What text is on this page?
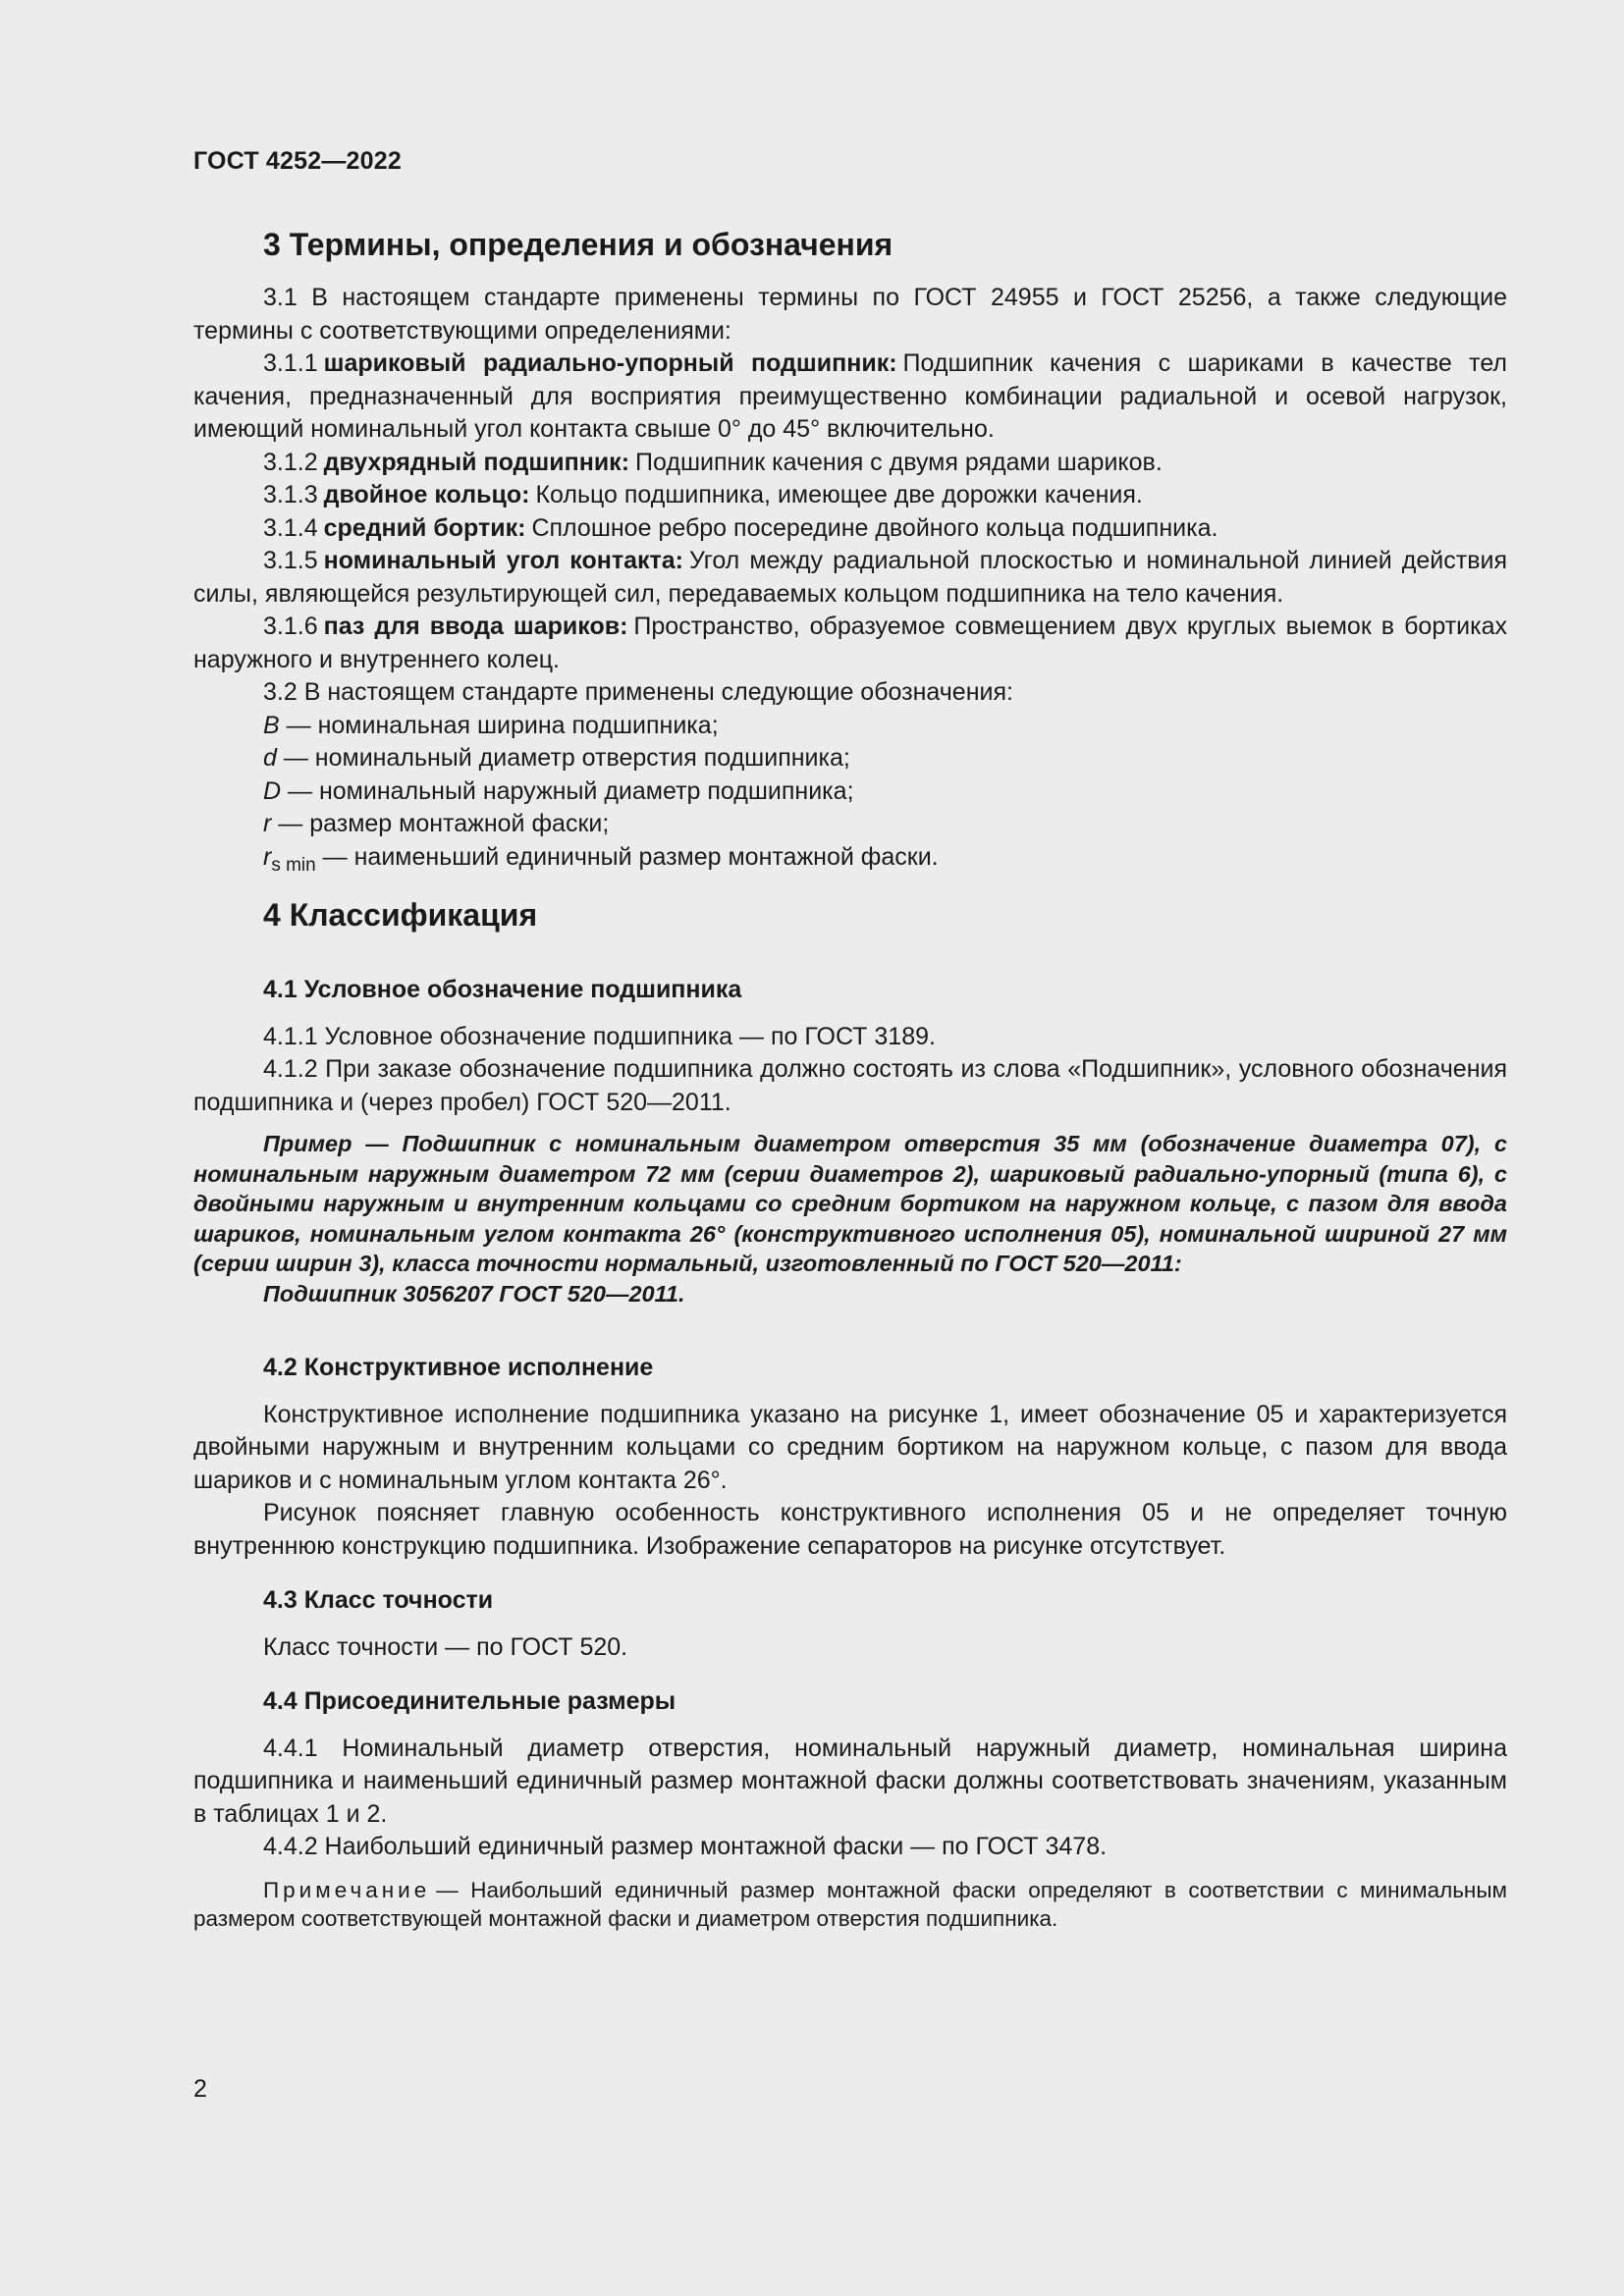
ГОСТ 4252—2022
3 Термины, определения и обозначения

3.1 В настоящем стандарте применены термины по ГОСТ 24955 и ГОСТ 25256, а также следующие термины с соответствующими определениями:

3.1.1 шариковый радиально-упорный подшипник: Подшипник качения с шариками в качестве тел качения, предназначенный для восприятия преимущественно комбинации радиальной и осевой нагрузок, имеющий номинальный угол контакта свыше 0° до 45° включительно.

3.1.2 двухрядный подшипник: Подшипник качения с двумя рядами шариков.

3.1.3 двойное кольцо: Кольцо подшипника, имеющее две дорожки качения.

3.1.4 средний бортик: Сплошное ребро посередине двойного кольца подшипника.

3.1.5 номинальный угол контакта: Угол между радиальной плоскостью и номинальной линией действия силы, являющейся результирующей сил, передаваемых кольцом подшипника на тело качения.

3.1.6 паз для ввода шариков: Пространство, образуемое совмещением двух круглых выемок в бортиках наружного и внутреннего колец.

3.2 В настоящем стандарте применены следующие обозначения:

B — номинальная ширина подшипника;

d — номинальный диаметр отверстия подшипника;

D — номинальный наружный диаметр подшипника;

r — размер монтажной фаски;

$r_{s min}$ — наименьший единичный размер монтажной фаски.

4 Классификация

4.1 Условное обозначение подшипника

4.1.1 Условное обозначение подшипника — по ГОСТ 3189.

4.1.2 При заказе обозначение подшипника должно состоять из слова «Подшипник», условного обозначения подшипника и (через пробел) ГОСТ 520—2011.

Пример — Подшипник с номинальным диаметром отверстия 35 мм (обозначение диаметра 07), с номинальным наружным диаметром 72 мм (серии диаметров 2), шариковый радиально-упорный (типа 6), с двойными наружным и внутренним кольцами со средним бортиком на наружном кольце, с пазом для ввода шариков, номинальным углом контакта 26° (конструктивного исполнения 05), номинальной шириной 27 мм (серии ширин 3), класса точности нормальный, изготовленный по ГОСТ 520—2011:

Подшипник 3056207 ГОСТ 520—2011.

4.2 Конструктивное исполнение

Конструктивное исполнение подшипника указано на рисунке 1, имеет обозначение 05 и характеризуется двойными наружным и внутренним кольцами со средним бортиком на наружном кольце, с пазом для ввода шариков и с номинальным углом контакта 26°.

Рисунок поясняет главную особенность конструктивного исполнения 05 и не определяет точную внутреннюю конструкцию подшипника. Изображение сепараторов на рисунке отсутствует.

4.3 Класс точности

Класс точности — по ГОСТ 520.

4.4 Присоединительные размеры

4.4.1 Номинальный диаметр отверстия, номинальный наружный диаметр, номинальная ширина подшипника и наименьший единичный размер монтажной фаски должны соответствовать значениям, указанным в таблицах 1 и 2.

4.4.2 Наибольший единичный размер монтажной фаски — по ГОСТ 3478.

Примечание — Наибольший единичный размер монтажной фаски определяют в соответствии с минимальным размером соответствующей монтажной фаски и диаметром отверстия подшипника.

2
